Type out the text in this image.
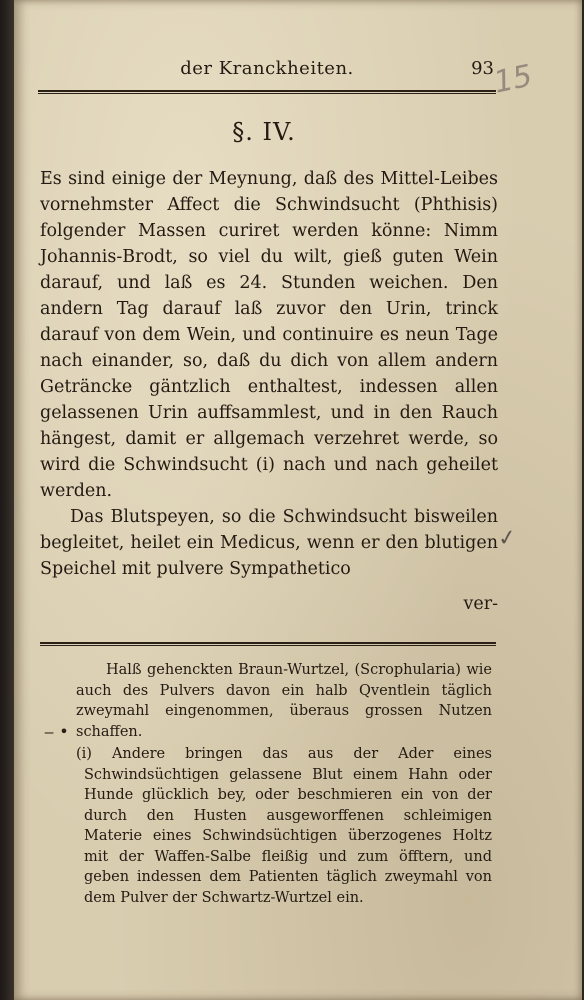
der Kranckheiten.	93
15
§. IV.

Es sind einige der Meynung, daß des Mittel-Leibes vornehmster Affect die Schwindsucht (Phthisis) folgender Massen curiret werden könne: Nimm Johannis-Brodt, so viel du wilt, gieß guten Wein darauf, und laß es 24. Stunden weichen. Den andern Tag darauf laß zuvor den Urin, trinck darauf von dem Wein, und continuire es neun Tage nach einander, so, daß du dich von allem andern Geträncke gäntzlich enthaltest, indessen allen gelassenen Urin auffsammlest, und in den Rauch hängest, damit er allgemach verzehret werde, so wird die Schwindsucht (i) nach und nach geheilet werden.

Das Blutspeyen, so die Schwindsucht bisweilen begleitet, heilet ein Medicus, wenn er den blutigen Speichel mit pulvere Sympathetico

✓
ver-
‒ •

Halß gehenckten Braun-Wurtzel, (Scrophularia) wie auch des Pulvers davon ein halb Qventlein täglich zweymahl eingenommen, überaus grossen Nutzen schaffen.

(i) Andere bringen das aus der Ader eines Schwindsüchtigen gelassene Blut einem Hahn oder Hunde glücklich bey, oder beschmieren ein von der durch den Husten ausgeworffenen schleimigen Materie eines Schwindsüchtigen überzogenes Holtz mit der Waffen-Salbe fleißig und zum öfftern, und geben indessen dem Patienten täglich zweymahl von dem Pulver der Schwartz-Wurtzel ein.
